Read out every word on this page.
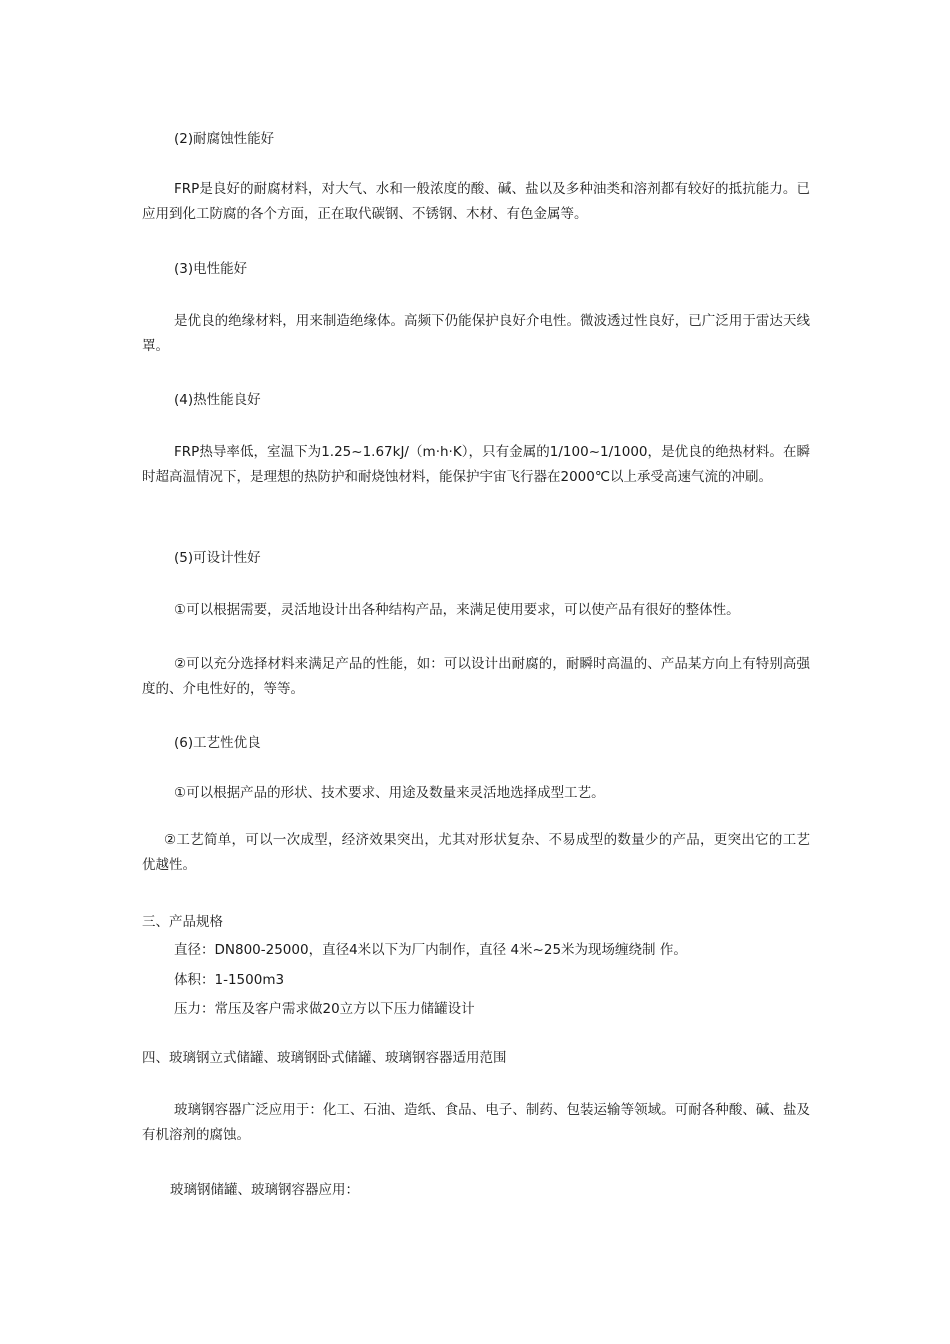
(2)耐腐蚀性能好

FRP是良好的耐腐材料，对大气、水和一般浓度的酸、碱、盐以及多种油类和溶剂都有较好的抵抗能力。已应用到化工防腐的各个方面，正在取代碳钢、不锈钢、木材、有色金属等。

(3)电性能好

是优良的绝缘材料，用来制造绝缘体。高频下仍能保护良好介电性。微波透过性良好，已广泛用于雷达天线罩。

(4)热性能良好

FRP热导率低，室温下为1.25~1.67kJ/（m·h·K），只有金属的1/100~1/1000，是优良的绝热材料。在瞬时超高温情况下，是理想的热防护和耐烧蚀材料，能保护宇宙飞行器在2000℃以上承受高速气流的冲刷。

(5)可设计性好

①可以根据需要，灵活地设计出各种结构产品，来满足使用要求，可以使产品有很好的整体性。

②可以充分选择材料来满足产品的性能，如：可以设计出耐腐的，耐瞬时高温的、产品某方向上有特别高强度的、介电性好的，等等。

(6)工艺性优良

①可以根据产品的形状、技术要求、用途及数量来灵活地选择成型工艺。

②工艺简单，可以一次成型，经济效果突出，尤其对形状复杂、不易成型的数量少的产品，更突出它的工艺优越性。

三、产品规格

直径：DN800-25000，直径4米以下为厂内制作，直径 4米~25米为现场缠绕制 作。

体积：1-1500m3

压力：常压及客户需求做20立方以下压力储罐设计

四、玻璃钢立式储罐、玻璃钢卧式储罐、玻璃钢容器适用范围

玻璃钢容器广泛应用于：化工、石油、造纸、食品、电子、制药、包装运输等领域。可耐各种酸、碱、盐及有机溶剂的腐蚀。

玻璃钢储罐、玻璃钢容器应用：
